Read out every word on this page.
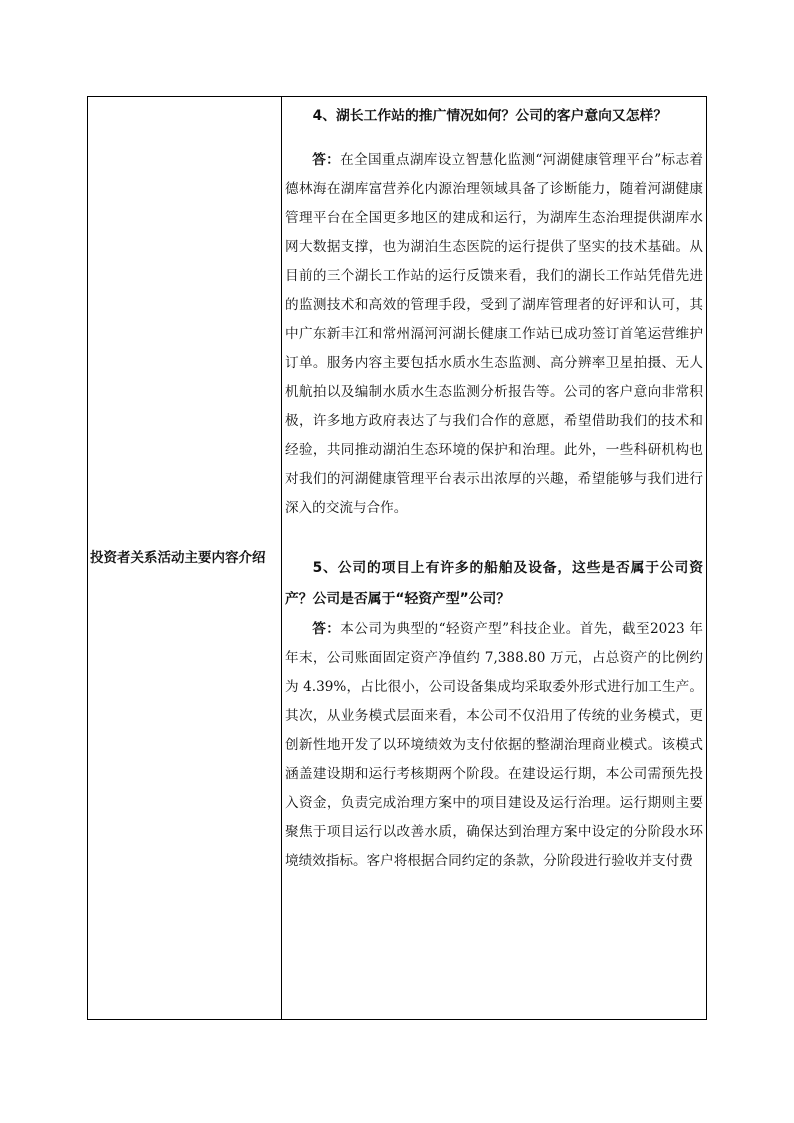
投资者关系活动主要内容介绍

4、湖长工作站的推广情况如何？公司的客户意向又怎样？

答：在全国重点湖库设立智慧化监测“河湖健康管理平台”标志着德林海在湖库富营养化内源治理领域具备了诊断能力，随着河湖健康管理平台在全国更多地区的建成和运行，为湖库生态治理提供湖库水网大数据支撑，也为湖泊生态医院的运行提供了坚实的技术基础。从目前的三个湖长工作站的运行反馈来看，我们的湖长工作站凭借先进的监测技术和高效的管理手段，受到了湖库管理者的好评和认可，其中广东新丰江和常州滆河河湖长健康工作站已成功签订首笔运营维护订单。服务内容主要包括水质水生态监测、高分辨率卫星拍摄、无人机航拍以及编制水质水生态监测分析报告等。公司的客户意向非常积极，许多地方政府表达了与我们合作的意愿，希望借助我们的技术和经验，共同推动湖泊生态环境的保护和治理。此外，一些科研机构也对我们的河湖健康管理平台表示出浓厚的兴趣，希望能够与我们进行深入的交流与合作。

5、公司的项目上有许多的船舶及设备，这些是否属于公司资产？公司是否属于“轻资产型”公司？

答：本公司为典型的“轻资产型”科技企业。首先，截至2023 年年末，公司账面固定资产净值约 7,388.80 万元，占总资产的比例约为 4.39%，占比很小，公司设备集成均采取委外形式进行加工生产。其次，从业务模式层面来看，本公司不仅沿用了传统的业务模式，更创新性地开发了以环境绩效为支付依据的整湖治理商业模式。该模式涵盖建设期和运行考核期两个阶段。在建设运行期，本公司需预先投入资金，负责完成治理方案中的项目建设及运行治理。运行期则主要聚焦于项目运行以改善水质，确保达到治理方案中设定的分阶段水环境绩效指标。客户将根据合同约定的条款，分阶段进行验收并支付费
